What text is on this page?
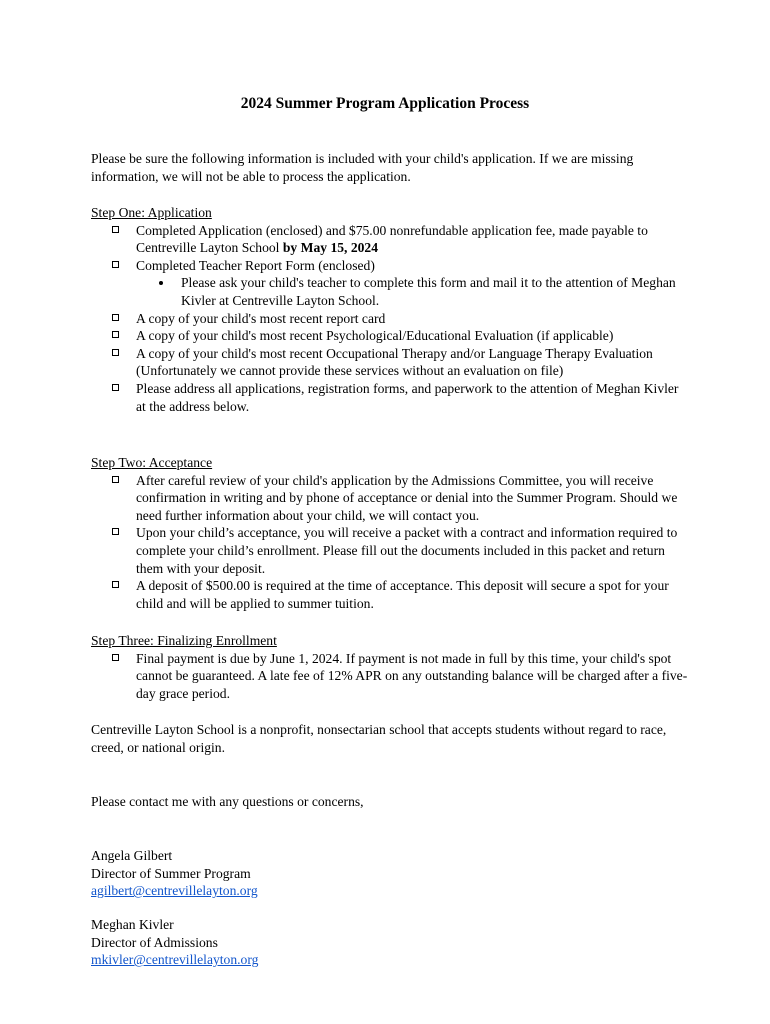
2024 Summer Program Application Process

Please be sure the following information is included with your child's application. If we are missing information, we will not be able to process the application.

Step One: Application
Completed Application (enclosed) and $75.00 nonrefundable application fee, made payable to Centreville Layton School by May 15, 2024
Completed Teacher Report Form (enclosed)
Please ask your child's teacher to complete this form and mail it to the attention of Meghan Kivler at Centreville Layton School.
A copy of your child's most recent report card
A copy of your child's most recent Psychological/Educational Evaluation (if applicable)
A copy of your child's most recent Occupational Therapy and/or Language Therapy Evaluation (Unfortunately we cannot provide these services without an evaluation on file)
Please address all applications, registration forms, and paperwork to the attention of Meghan Kivler at the address below.
Step Two: Acceptance
After careful review of your child's application by the Admissions Committee, you will receive confirmation in writing and by phone of acceptance or denial into the Summer Program. Should we need further information about your child, we will contact you.
Upon your child’s acceptance, you will receive a packet with a contract and information required to complete your child’s enrollment. Please fill out the documents included in this packet and return them with your deposit.
A deposit of $500.00 is required at the time of acceptance. This deposit will secure a spot for your child and will be applied to summer tuition.
Step Three: Finalizing Enrollment
Final payment is due by June 1, 2024. If payment is not made in full by this time, your child's spot cannot be guaranteed. A late fee of 12% APR on any outstanding balance will be charged after a five-day grace period.

Centreville Layton School is a nonprofit, nonsectarian school that accepts students without regard to race, creed, or national origin.

Please contact me with any questions or concerns,

Angela Gilbert
Director of Summer Program
agilbert@centrevillelayton.org
Meghan Kivler
Director of Admissions
mkivler@centrevillelayton.org
